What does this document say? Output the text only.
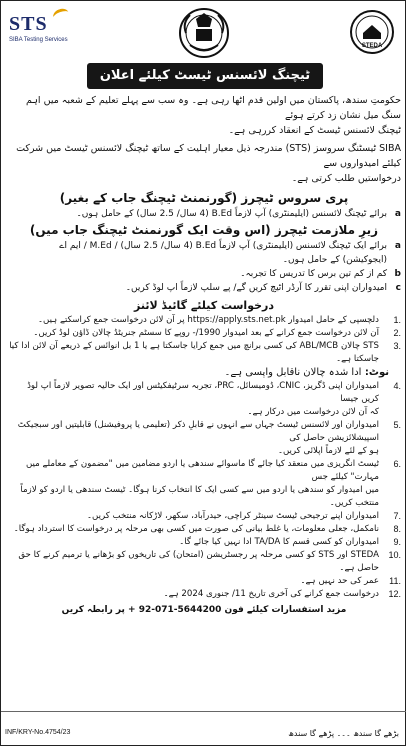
STS
SIBA Testing Services
STEDA
ٹیچنگ لائسنس ٹیسٹ کیلئے اعلان
حکومتِ سندھ، پاکستان میں اولین قدم اٹھا رہی ہے۔ وہ سب سے پہلے تعلیم کے شعبہ میں اہم سنگ میل نشان زد کرتے ہوئے
ٹیچنگ لائسنس ٹیسٹ کے انعقاد کررہی ہے۔
SIBA ٹیسٹنگ سروسز (STS) مندرجہ ذیل معیار اہلیت کے ساتھ ٹیچنگ لائسنس ٹیسٹ میں شرکت کیلئے امیدواروں سے
درخواستیں طلب کرتی ہے۔
پری سروس ٹیچرز (گورنمنٹ ٹیچنگ جاب کے بغیر)
a
برائے ٹیچنگ لائسنس (ایلیمنٹری) آپ لازماً B.Ed (4 سال/ 2.5 سال) کے حامل ہوں۔
زیرِ ملازمت ٹیچرز (اس وقت ایک گورنمنٹ ٹیچنگ جاب میں)
a
برائے ایک ٹیچنگ لائسنس (ایلیمنٹری) آپ لازماً B.Ed (4 سال/ 2.5 سال) / M.Ed / ایم اے
(ایجوکیشن) کے حامل ہوں۔
b
کم از کم تین برس کا تدریس کا تجربہ۔
c
امیدواران اپنی تقرر کا آرڈر اٹیچ کریں گے/ پے سلپ لازماً اپ لوڈ کریں۔
درخواست کیلئے گائیڈ لائنز
1.
دلچسپی کے حامل امیدوار https://apply.sts.net.pk پر آن لائن درخواست جمع کراسکتے ہیں۔
2.
آن لائن درخواست جمع کرانے کے بعد امیدوار 1990/- روپے کا سسٹم جنریٹڈ چالان ڈاؤن لوڈ کریں۔
3.
STS چالان ABL/MCB کی کسی برانچ میں جمع کرایا جاسکتا ہے یا 1 بل انوائس کے ذریعے آن لائن ادا کیا جاسکتا ہے۔
نوٹ: ادا شدہ چالان ناقابل واپسی ہے۔
4.
امیدواران اپنی ڈگریز، CNIC، ڈومیسائل، PRC، تجربہ سرٹیفکیٹس اور ایک حالیہ تصویر لازماً اپ لوڈ کریں جیسا
کہ آن لائن درخواست میں درکار ہے۔
5.
امیدواران اور لائسنس ٹیسٹ جہاں سے انہوں نے قابلِ ذکر (تعلیمی یا پروفیشنل) قابلیتیں اور سبجیکٹ اسپیشلائزیشن حاصل کی
ہو کے لئے لازماً اپلائی کریں۔
6.
ٹیسٹ انگریزی میں منعقد کیا جائے گا ماسوائے سندھی یا اردو مضامین میں "مضمون کے معاملے میں مہارت" کیلئے جس
میں امیدوار کو سندھی یا اردو میں سے کسی ایک کا انتخاب کرنا ہوگا۔ ٹیسٹ سندھی یا اردو کو لازماً منتخب کریں۔
7.
امیدواران اپنے ترجیحی ٹیسٹ سینٹر کراچی، حیدرآباد، سکھر، لاڑکانہ منتخب کریں۔
8.
نامکمل، جعلی معلومات، یا غلط بیانی کی صورت میں کسی بھی مرحلہ پر درخواست کا استرداد ہوگا۔
9.
امیدواران کو کسی قسم کا TA/DA ادا نہیں کیا جائے گا۔
10.
STEDA اور STS کو کسی مرحلہ پر رجسٹریشن (امتحان) کی تاریخوں کو بڑھانے یا ترمیم کرنے کا حق حاصل ہے۔
11.
عمر کی حد نہیں ہے۔
12.
درخواست جمع کرانے کی آخری تاریخ 11/ جنوری 2024 ہے۔
مزید استفسارات کیلئے فون 5644200-071-92 + پر رابطہ کریں
INF/KRY-No.4754/23	بڑھے گا سندھ ۔۔۔ پڑھے گا سندھ
